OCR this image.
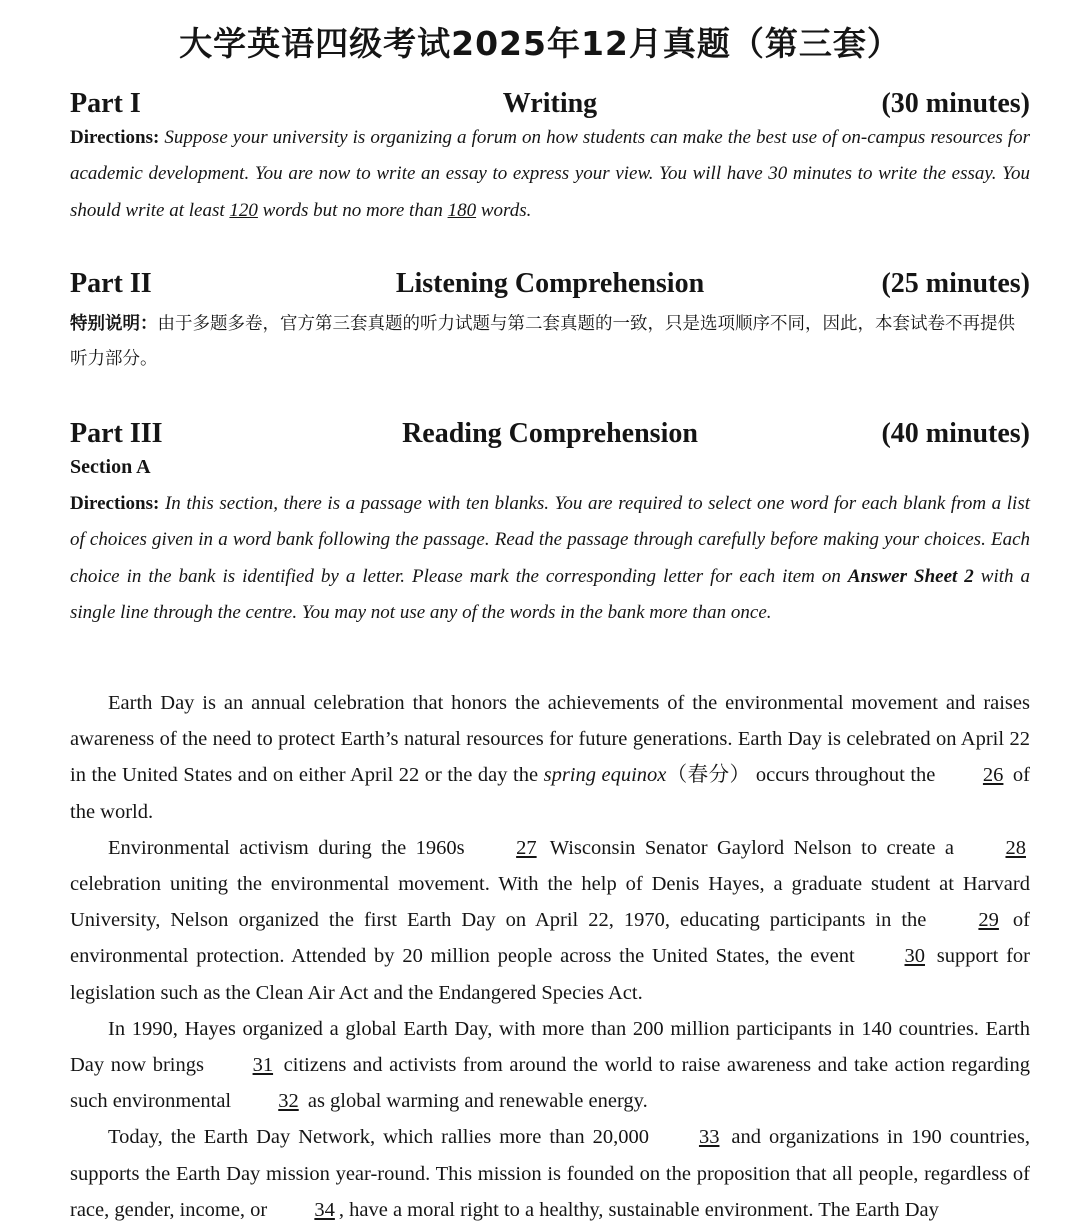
大学英语四级考试2025年12月真题（第三套）
Part I	Writing	(30 minutes)
Directions: Suppose your university is organizing a forum on how students can make the best use of on-campus resources for academic development. You are now to write an essay to express your view. You will have 30 minutes to write the essay. You should write at least 120 words but no more than 180 words.
Part II	Listening Comprehension	(25 minutes)
特别说明：由于多题多卷，官方第三套真题的听力试题与第二套真题的一致，只是选项顺序不同，因此，本套试卷不再提供听力部分。
Part III	Reading Comprehension	(40 minutes)
Section A
Directions: In this section, there is a passage with ten blanks. You are required to select one word for each blank from a list of choices given in a word bank following the passage. Read the passage through carefully before making your choices. Each choice in the bank is identified by a letter. Please mark the corresponding letter for each item on Answer Sheet 2 with a single line through the centre. You may not use any of the words in the bank more than once.

Earth Day is an annual celebration that honors the achievements of the environmental movement and raises awareness of the need to protect Earth’s natural resources for future generations. Earth Day is celebrated on April 22 in the United States and on either April 22 or the day the spring equinox（春分） occurs throughout the 26 of the world.

Environmental activism during the 1960s 27 Wisconsin Senator Gaylord Nelson to create a 28 celebration uniting the environmental movement. With the help of Denis Hayes, a graduate student at Harvard University, Nelson organized the first Earth Day on April 22, 1970, educating participants in the 29 of environmental protection. Attended by 20 million people across the United States, the event 30 support for legislation such as the Clean Air Act and the Endangered Species Act.

In 1990, Hayes organized a global Earth Day, with more than 200 million participants in 140 countries. Earth Day now brings 31 citizens and activists from around the world to raise awareness and take action regarding such environmental 32 as global warming and renewable energy.

Today, the Earth Day Network, which rallies more than 20,000 33 and organizations in 190 countries, supports the Earth Day mission year-round. This mission is founded on the proposition that all people, regardless of race, gender, income, or 34 , have a moral right to a healthy, sustainable environment. The Earth Day
